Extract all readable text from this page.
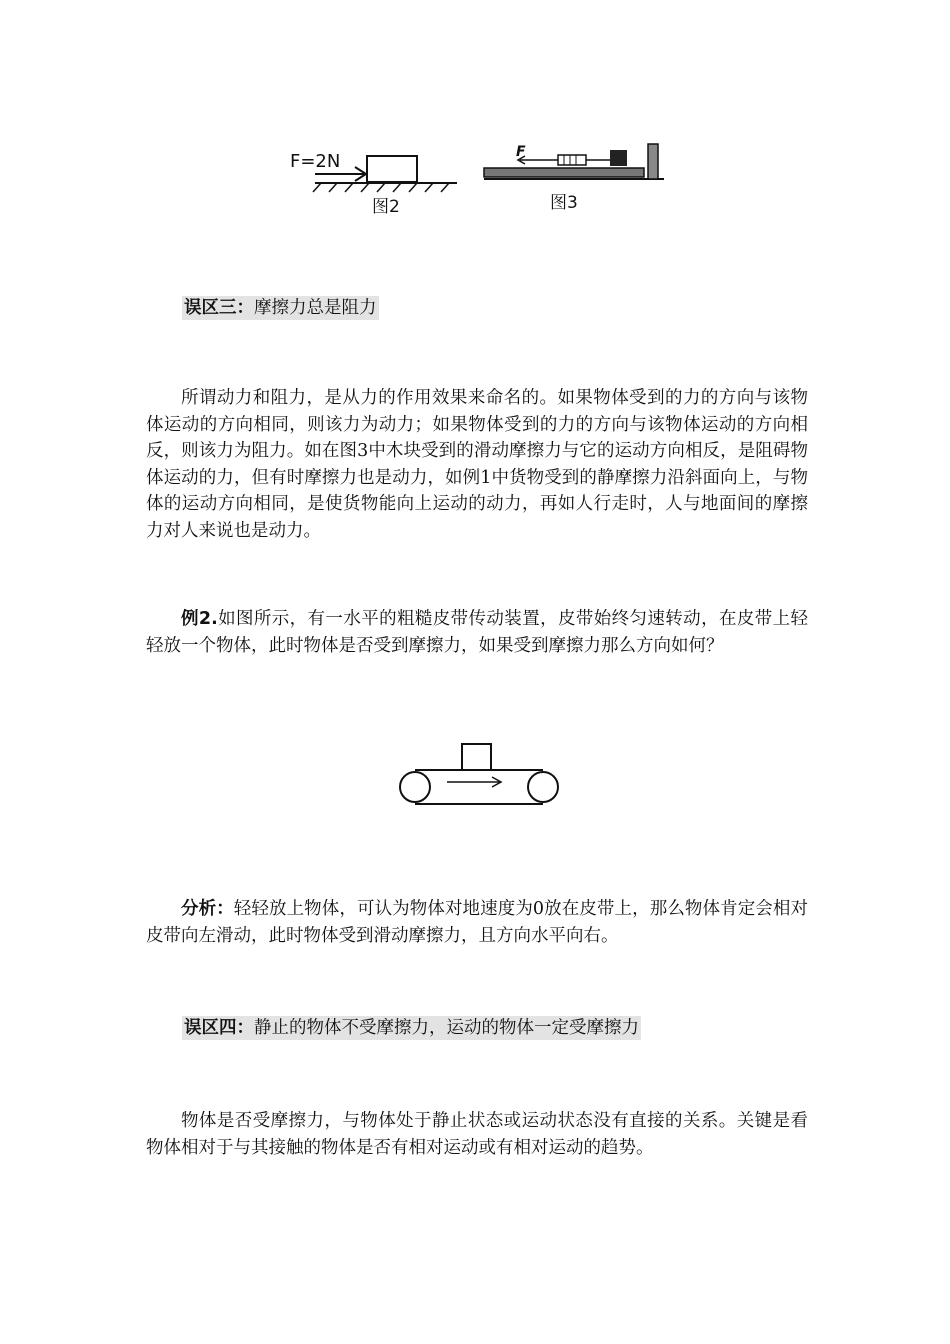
F=2N
图2
F
图3
误区三：摩擦力总是阻力

所谓动力和阻力，是从力的作用效果来命名的。如果物体受到的力的方向与该物体运动的方向相同，则该力为动力；如果物体受到的力的方向与该物体运动的方向相反，则该力为阻力。如在图3中木块受到的滑动摩擦力与它的运动方向相反，是阻碍物体运动的力，但有时摩擦力也是动力，如例1中货物受到的静摩擦力沿斜面向上，与物体的运动方向相同，是使货物能向上运动的动力，再如人行走时，人与地面间的摩擦力对人来说也是动力。

例2.如图所示，有一水平的粗糙皮带传动装置，皮带始终匀速转动，在皮带上轻轻放一个物体，此时物体是否受到摩擦力，如果受到摩擦力那么方向如何？

分析：轻轻放上物体，可认为物体对地速度为0放在皮带上，那么物体肯定会相对皮带向左滑动，此时物体受到滑动摩擦力，且方向水平向右。

误区四：静止的物体不受摩擦力，运动的物体一定受摩擦力

物体是否受摩擦力，与物体处于静止状态或运动状态没有直接的关系。关键是看物体相对于与其接触的物体是否有相对运动或有相对运动的趋势。
